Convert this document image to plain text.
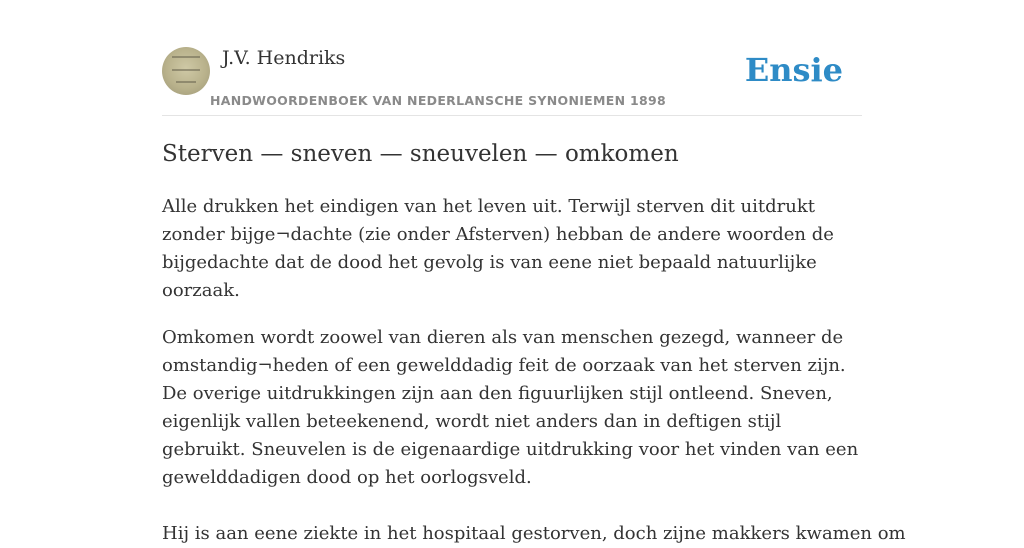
J.V. Hendriks
HANDWOORDENBOEK VAN NEDERLANSCHE SYNONIEMEN 1898
Ensie
Sterven — sneven — sneuvelen — omkomen

Alle drukken het eindigen van het leven uit. Terwijl sterven dit uitdrukt zonder bijge¬dachte (zie onder Afsterven) hebban de andere woorden de bijgedachte dat de dood het gevolg is van eene niet bepaald natuurlijke oorzaak.

Omkomen wordt zoowel van dieren als van menschen gezegd, wanneer de omstandig¬heden of een gewelddadig feit de oorzaak van het sterven zijn. De overige uitdrukkingen zijn aan den figuurlijken stijl ontleend. Sneven, eigenlijk vallen beteekenend, wordt niet anders dan in deftigen stijl gebruikt. Sneuvelen is de eigenaardige uitdrukking voor het vinden van een gewelddadigen dood op het oorlogsveld.

Hij is aan eene ziekte in het hospitaal gestorven, doch zijne makkers kwamen om
